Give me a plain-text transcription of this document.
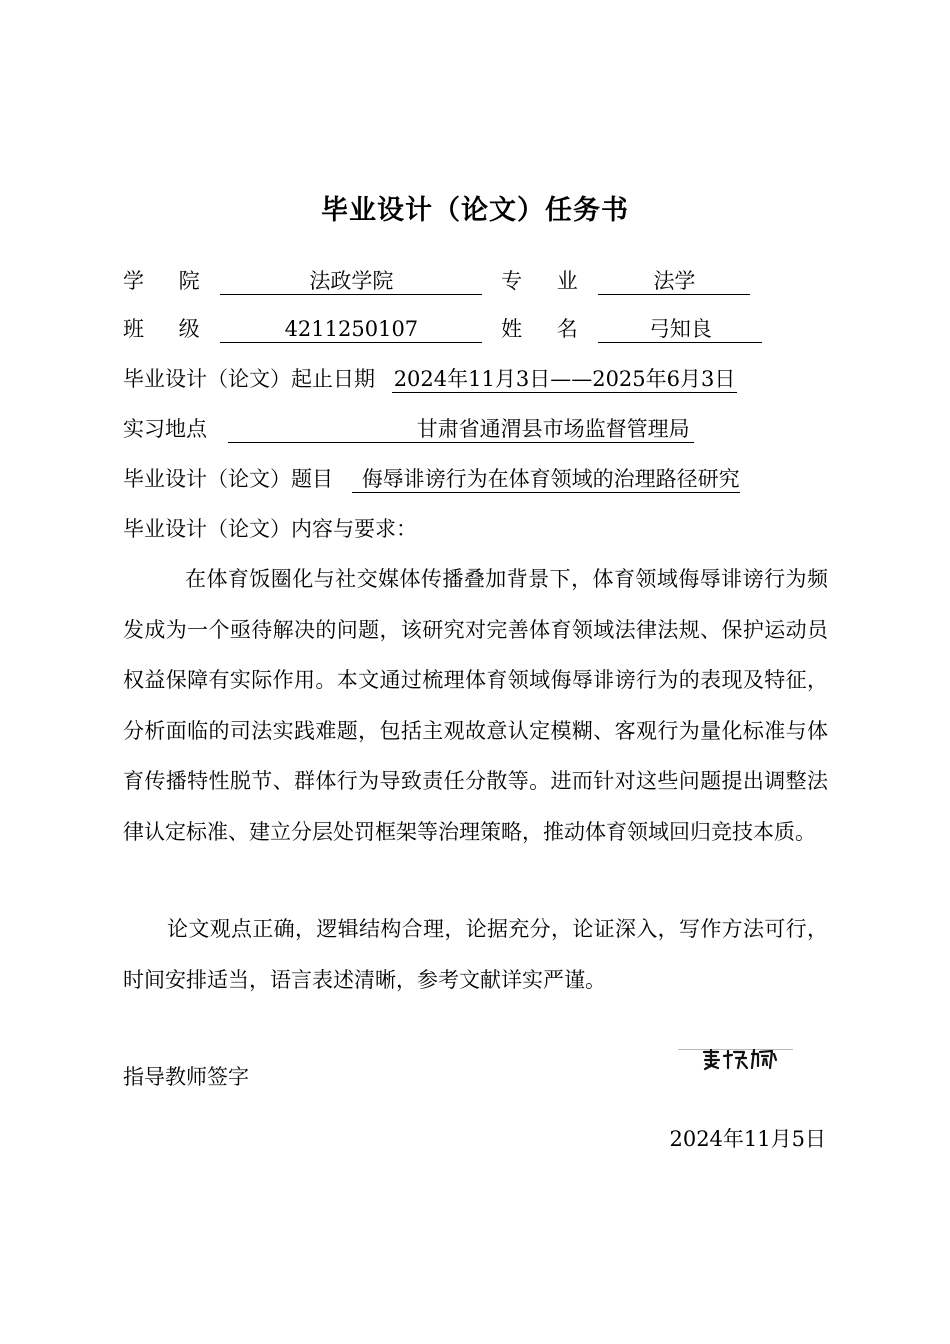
毕业设计（论文）任务书
学 院	法政学院	专 业	法学
班 级	4211250107	姓 名	弓知良
毕业设计（论文）起止日期 2024年11月3日——2025年6月3日
实习地点	甘肃省通渭县市场监督管理局
毕业设计（论文）题目 侮辱诽谤行为在体育领域的治理路径研究
毕业设计（论文）内容与要求：

在体育饭圈化与社交媒体传播叠加背景下，体育领域侮辱诽谤行为频发成为一个亟待解决的问题，该研究对完善体育领域法律法规、保护运动员权益保障有实际作用。本文通过梳理体育领域侮辱诽谤行为的表现及特征，分析面临的司法实践难题，包括主观故意认定模糊、客观行为量化标准与体育传播特性脱节、群体行为导致责任分散等。进而针对这些问题提出调整法律认定标准、建立分层处罚框架等治理策略，推动体育领域回归竞技本质。

论文观点正确，逻辑结构合理，论据充分，论证深入，写作方法可行，时间安排适当，语言表述清晰，参考文献详实严谨。

指导教师签字
2024年11月5日
